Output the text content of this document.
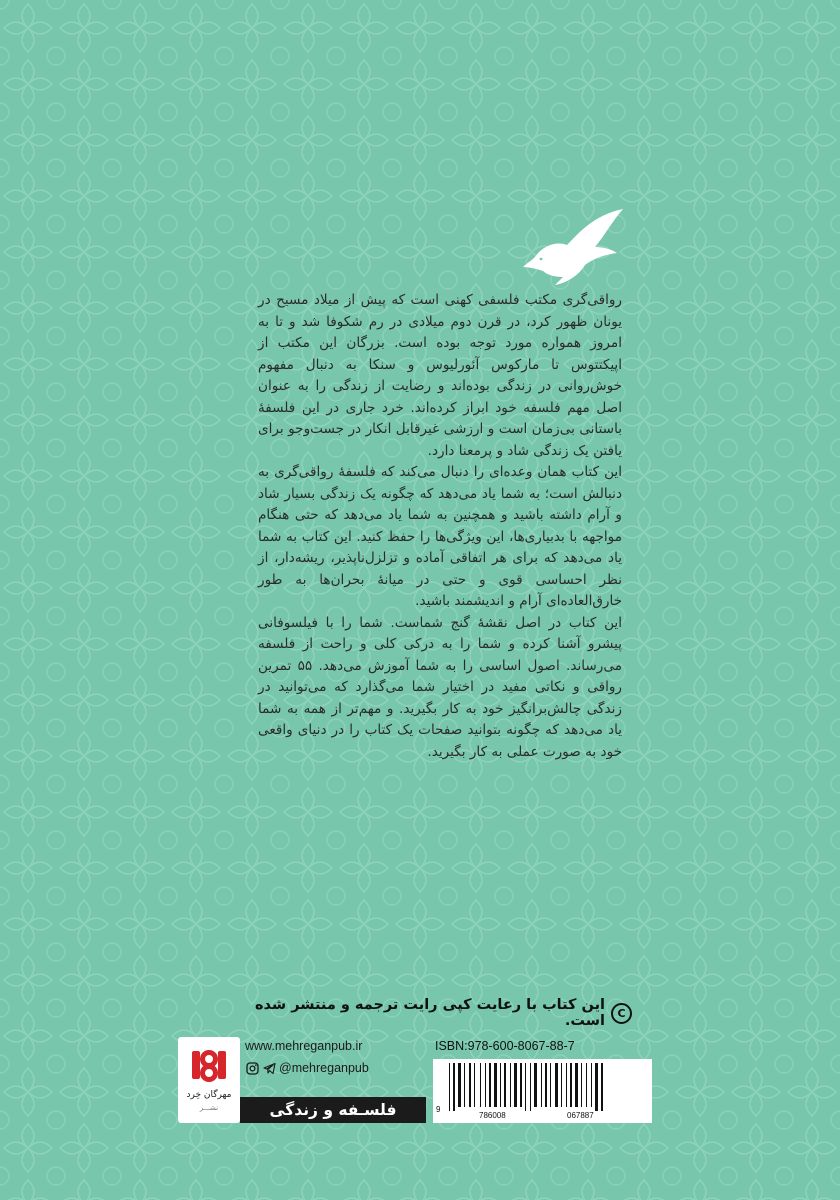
رواقی‌گری مکتب فلسفی کهنی است که پیش از میلاد مسیح در یونان ظهور کرد، در قرن دوم میلادی در رم شکوفا شد و تا به امروز همواره مورد توجه بوده است. بزرگان این مکتب از اپیکتتوس تا مارکوس آئورلیوس و سنکا به دنبال مفهوم خوش‌روانی در زندگی بوده‌اند و رضایت از زندگی را به عنوان اصل مهم فلسفه خود ابراز کرده‌اند. خرد جاری در این فلسفهٔ باستانی بی‌زمان است و ارزشی غیرقابل انکار در جست‌وجو برای یافتن یک زندگی شاد و پرمعنا دارد.

این کتاب همان وعده‌ای را دنبال می‌کند که فلسفهٔ رواقی‌گری به دنبالش است؛ به شما یاد می‌دهد که چگونه یک زندگی بسیار شاد و آرام داشته باشید و همچنین به شما یاد می‌دهد که حتی هنگام مواجهه با بدبیاری‌ها، این ویژگی‌ها را حفظ کنید. این کتاب به شما یاد می‌دهد که برای هر اتفاقی آماده و تزلزل‌ناپذیر، ریشه‌دار، از نظر احساسی قوی و حتی در میانهٔ بحران‌ها به طور خارق‌العاده‌ای آرام و اندیشمند باشید.

این کتاب در اصل نقشهٔ گنج شماست. شما را با فیلسوفانی پیشرو آشنا کرده و شما را به درکی کلی و راحت از فلسفه می‌رساند. اصول اساسی را به شما آموزش می‌دهد. ۵۵ تمرین رواقی و نکاتی مفید در اختیار شما می‌گذارد که می‌توانید در زندگی چالش‌برانگیز خود به کار بگیرید. و مهم‌تر از همه به شما یاد می‌دهد که چگونه بتوانید صفحات یک کتاب را در دنیای واقعی خود به صورت عملی به کار بگیرید.

C
این کتاب با رعایت کپی رایت ترجمه و منتشر شده است.
مهرگان خِرد
نشـــر
www.mehreganpub.ir
@mehreganpub
فلسـفه و زندگی
ISBN:978-600-8067-88-7
9
786008	067887
